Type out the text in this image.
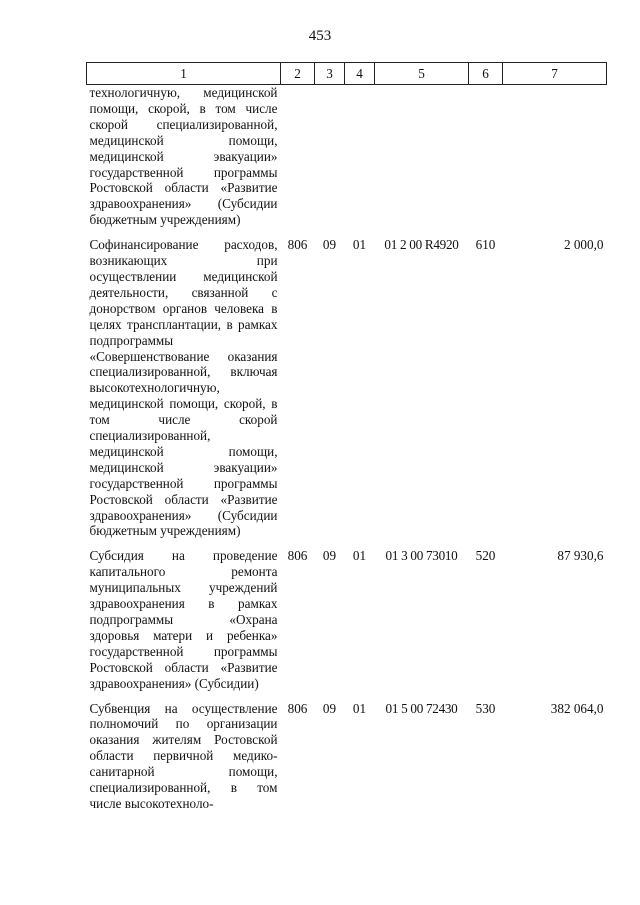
453
1	2	3	4	5	6	7
технологичную, медицинской помощи, скорой, в том числе скорой специализированной, медицинской помощи, медицинской эвакуации» государственной программы Ростовской области «Развитие здравоохранения» (Субсидии бюджетным учреждениям)						
Софинансирование расходов, возникающих при осуществлении медицинской деятельности, связанной с донорством органов человека в целях трансплантации, в рамках подпрограммы «Совершенствование оказания специализированной, включая высокотехнологичную, медицинской помощи, скорой, в том числе скорой специализированной, медицинской помощи, медицинской эвакуации» государственной программы Ростовской области «Развитие здравоохранения» (Субсидии бюджетным учреждениям)	806	09	01	01 2 00 R4920	610	2 000,0
Субсидия на проведение капитального ремонта муниципальных учреждений здравоохранения в рамках подпрограммы «Охрана здоровья матери и ребенка» государственной программы Ростовской области «Развитие здравоохранения» (Субсидии)	806	09	01	01 3 00 73010	520	87 930,6
Субвенция на осуществление полномочий по организации оказания жителям Ростовской области первичной медико-санитарной помощи, специализированной, в том числе высокотехноло-	806	09	01	01 5 00 72430	530	382 064,0
